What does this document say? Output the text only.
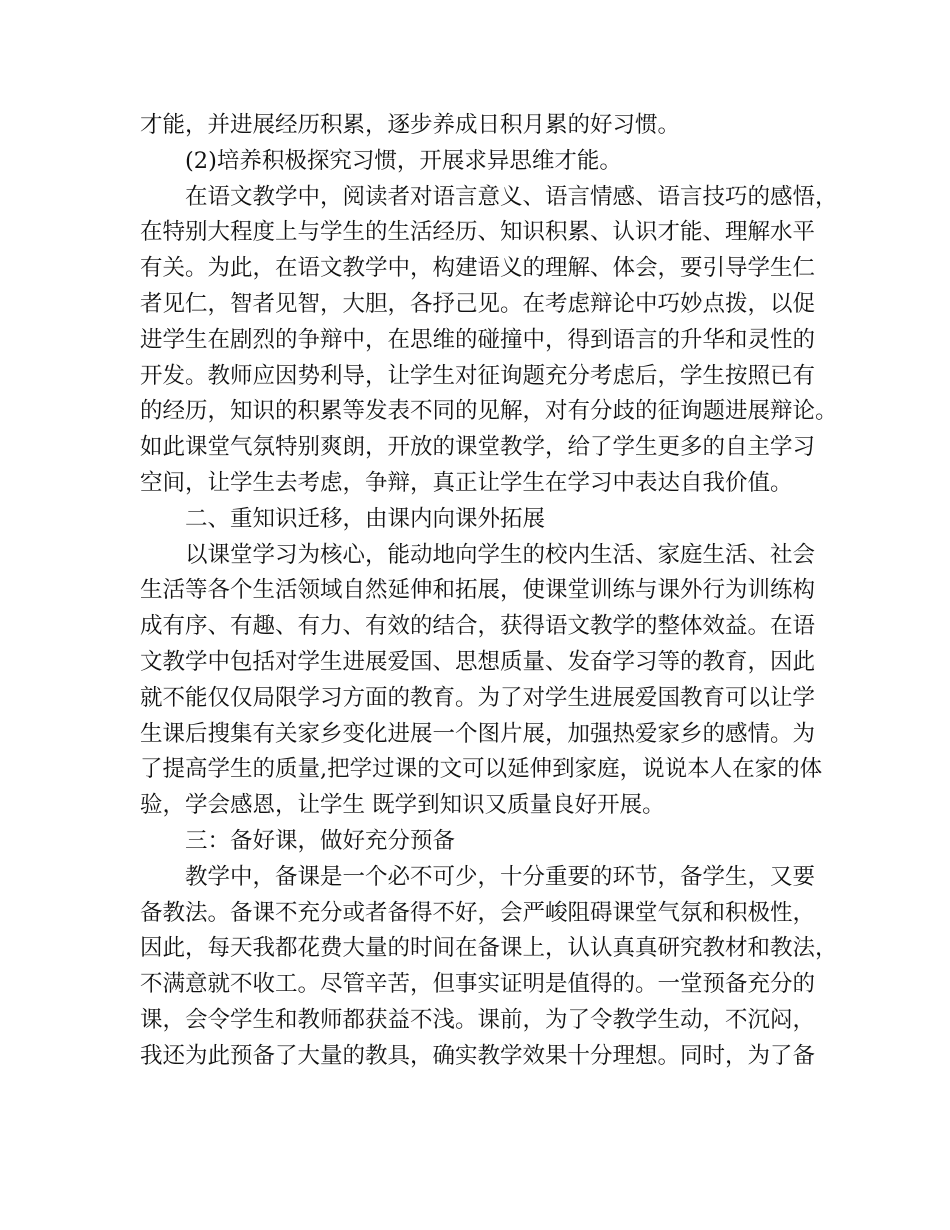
才能，并进展经历积累，逐步养成日积月累的好习惯。
(2)培养积极探究习惯，开展求异思维才能。
在语文教学中，阅读者对语言意义、语言情感、语言技巧的感悟，
在特别大程度上与学生的生活经历、知识积累、认识才能、理解水平
有关。为此，在语文教学中，构建语义的理解、体会，要引导学生仁
者见仁，智者见智，大胆，各抒己见。在考虑辩论中巧妙点拨，以促
进学生在剧烈的争辩中，在思维的碰撞中，得到语言的升华和灵性的
开发。教师应因势利导，让学生对征询题充分考虑后，学生按照已有
的经历，知识的积累等发表不同的见解，对有分歧的征询题进展辩论。
如此课堂气氛特别爽朗，开放的课堂教学，给了学生更多的自主学习
空间，让学生去考虑，争辩，真正让学生在学习中表达自我价值。
二、重知识迁移，由课内向课外拓展
以课堂学习为核心，能动地向学生的校内生活、家庭生活、社会
生活等各个生活领域自然延伸和拓展，使课堂训练与课外行为训练构
成有序、有趣、有力、有效的结合，获得语文教学的整体效益。在语
文教学中包括对学生进展爱国、思想质量、发奋学习等的教育，因此
就不能仅仅局限学习方面的教育。为了对学生进展爱国教育可以让学
生课后搜集有关家乡变化进展一个图片展，加强热爱家乡的感情。为
了提高学生的质量,把学过课的文可以延伸到家庭，说说本人在家的体
验，学会感恩，让学生 既学到知识又质量良好开展。
三：备好课，做好充分预备
教学中，备课是一个必不可少，十分重要的环节，备学生，又要
备教法。备课不充分或者备得不好，会严峻阻碍课堂气氛和积极性，
因此，每天我都花费大量的时间在备课上，认认真真研究教材和教法，
不满意就不收工。尽管辛苦，但事实证明是值得的。一堂预备充分的
课，会令学生和教师都获益不浅。课前，为了令教学生动，不沉闷，
我还为此预备了大量的教具，确实教学效果十分理想。同时，为了备
